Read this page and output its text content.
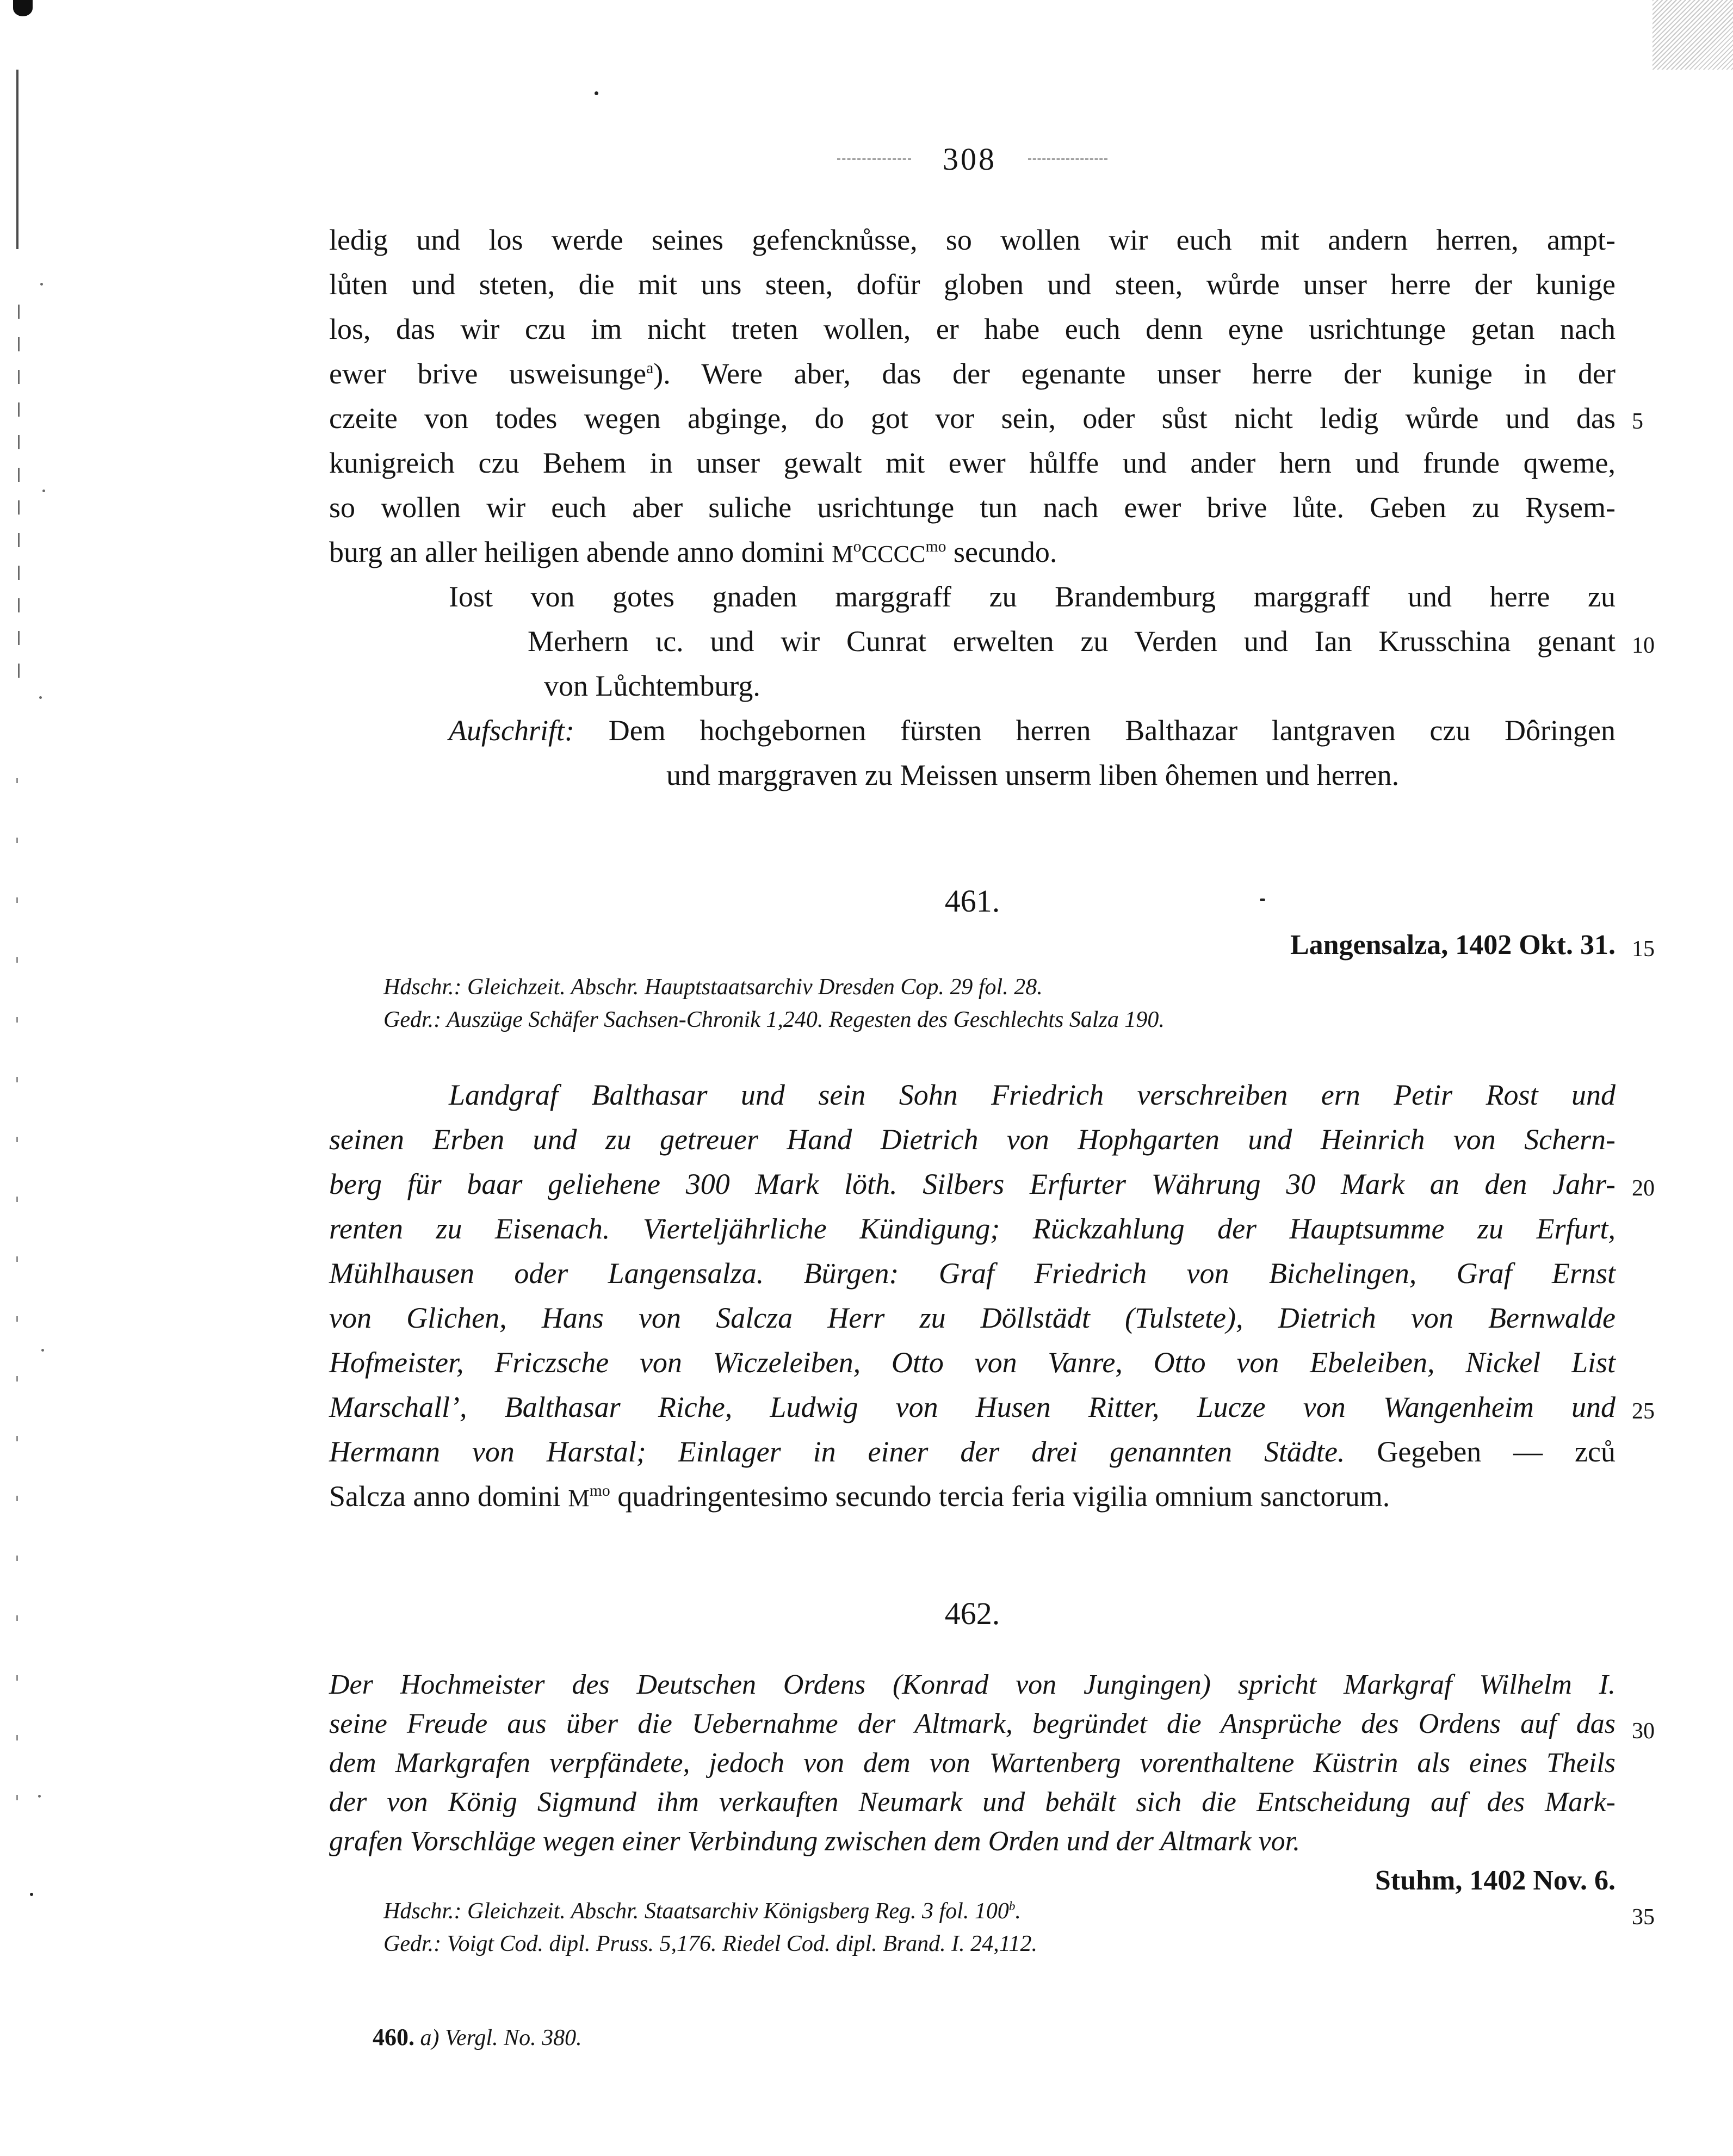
308
ledig und los werde seines gefencknůsse, so wollen wir euch mit andern herren, ampt-
lůten und steten, die mit uns steen, dofür globen und steen, wůrde unser herre der kunige
los, das wir czu im nicht treten wollen, er habe euch denn eyne usrichtunge getan nach
ewer brive usweisunge$^a$). Were aber, das der egenante unser herre der kunige in der
czeite von todes wegen abginge, do got vor sein, oder sůst nicht ledig wůrde und das
kunigreich czu Behem in unser gewalt mit ewer hůlffe und ander hern und frunde qweme,
so wollen wir euch aber suliche usrichtunge tun nach ewer brive lůte. Geben zu Rysem-
burg an aller heiligen abende anno domini $M^oCCCC^{mo}$ secundo.
Iost von gotes gnaden marggraff zu Brandemburg marggraff und herre zu
Merhern ɩc. und wir Cunrat erwelten zu Verden und Ian Krusschina genant
von Lůchtemburg.
Aufschrift: Dem hochgebornen fürsten herren Balthazar lantgraven czu Dôringen
und marggraven zu Meissen unserm liben ôhemen und herren.
461.
Langensalza, 1402 Okt. 31.
Hdschr.: Gleichzeit. Abschr. Hauptstaatsarchiv Dresden Cop. 29 fol. 28.
Gedr.: Auszüge Schäfer Sachsen-Chronik 1,240. Regesten des Geschlechts Salza 190.
Landgraf Balthasar und sein Sohn Friedrich verschreiben ern Petir Rost und
seinen Erben und zu getreuer Hand Dietrich von Hophgarten und Heinrich von Schern-
berg für baar geliehene 300 Mark löth. Silbers Erfurter Währung 30 Mark an den Jahr-
renten zu Eisenach. Vierteljährliche Kündigung; Rückzahlung der Hauptsumme zu Erfurt,
Mühlhausen oder Langensalza. Bürgen: Graf Friedrich von Bichelingen, Graf Ernst
von Glichen, Hans von Salcza Herr zu Döllstädt (Tulstete), Dietrich von Bernwalde
Hofmeister, Friczsche von Wiczeleiben, Otto von Vanre, Otto von Ebeleiben, Nickel List
Marschall’, Balthasar Riche, Ludwig von Husen Ritter, Lucze von Wangenheim und
Hermann von Harstal; Einlager in einer der drei genannten Städte. Gegeben — zců
Salcza anno domini $M^{mo}$ quadringentesimo secundo tercia feria vigilia omnium sanctorum.
462.
Der Hochmeister des Deutschen Ordens (Konrad von Jungingen) spricht Markgraf Wilhelm I.
seine Freude aus über die Uebernahme der Altmark, begründet die Ansprüche des Ordens auf das
dem Markgrafen verpfändete, jedoch von dem von Wartenberg vorenthaltene Küstrin als eines Theils
der von König Sigmund ihm verkauften Neumark und behält sich die Entscheidung auf des Mark-
grafen Vorschläge wegen einer Verbindung zwischen dem Orden und der Altmark vor.
Stuhm, 1402 Nov. 6.
Hdschr.: Gleichzeit. Abschr. Staatsarchiv Königsberg Reg. 3 fol. 100$^b$.
Gedr.: Voigt Cod. dipl. Pruss. 5,176. Riedel Cod. dipl. Brand. I. 24,112.
460. a) Vergl. No. 380.
5
10
15
20
25
30
35
